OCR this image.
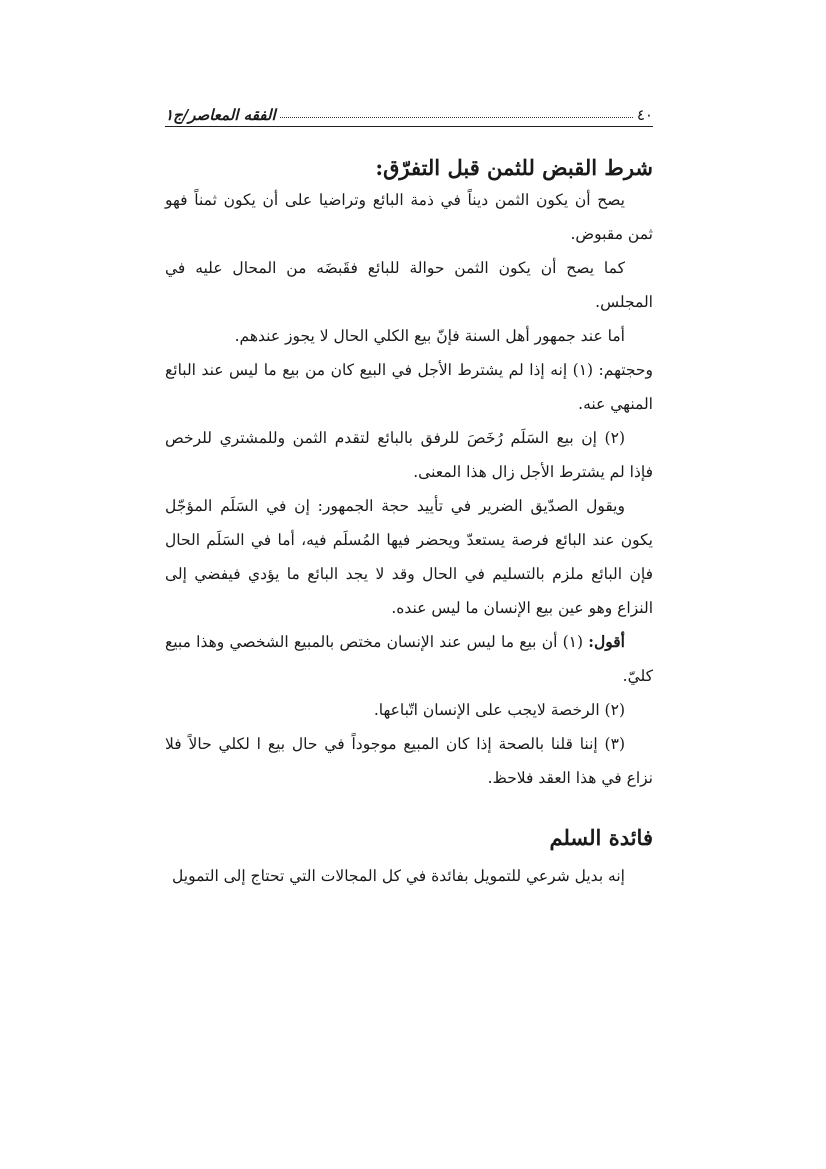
٤٠
الفقه المعاصر/ج١
شرط القبض للثمن قبل التفرّق:

يصح أن يكون الثمن ديناً في ذمة البائع وتراضيا على أن يكون ثمناً فهو ثمن مقبوض.

كما يصح أن يكون الثمن حوالة للبائع فقَبضَه من المحال عليه في المجلس.

أما عند جمهور أهل السنة فإنّ بيع الكلي الحال لا يجوز عندهم.

وحجتهم: (١) إنه إذا لم يشترط الأجل في البيع كان من بيع ما ليس عند البائع المنهي عنه.

(٢) إن بيع السَلَم رُخَصَ للرفق بالبائع لتقدم الثمن وللمشتري للرخص فإذا لم يشترط الأجل زال هذا المعنى.

ويقول الصدّيق الضرير في تأييد حجة الجمهور: إن في السَلَم المؤجّل يكون عند البائع فرصة يستعدّ ويحضر فيها المُسلَم فيه، أما في السَلَم الحال فإن البائع ملزم بالتسليم في الحال وقد لا يجد البائع ما يؤدي فيفضي إلى النزاع وهو عين بيع الإنسان ما ليس عنده.

أقول: (١) أن بيع ما ليس عند الإنسان مختص بالمبيع الشخصي وهذا مبيع كليّ.

(٢) الرخصة لايجب على الإنسان اتّباعها.

(٣) إننا قلنا بالصحة إذا كان المبيع موجوداً في حال بيع ا لكلي حالاً فلا نزاع في هذا العقد فلاحظ.

فائدة السلم

إنه بديل شرعي للتمويل بفائدة في كل المجالات التي تحتاج إلى التمويل
